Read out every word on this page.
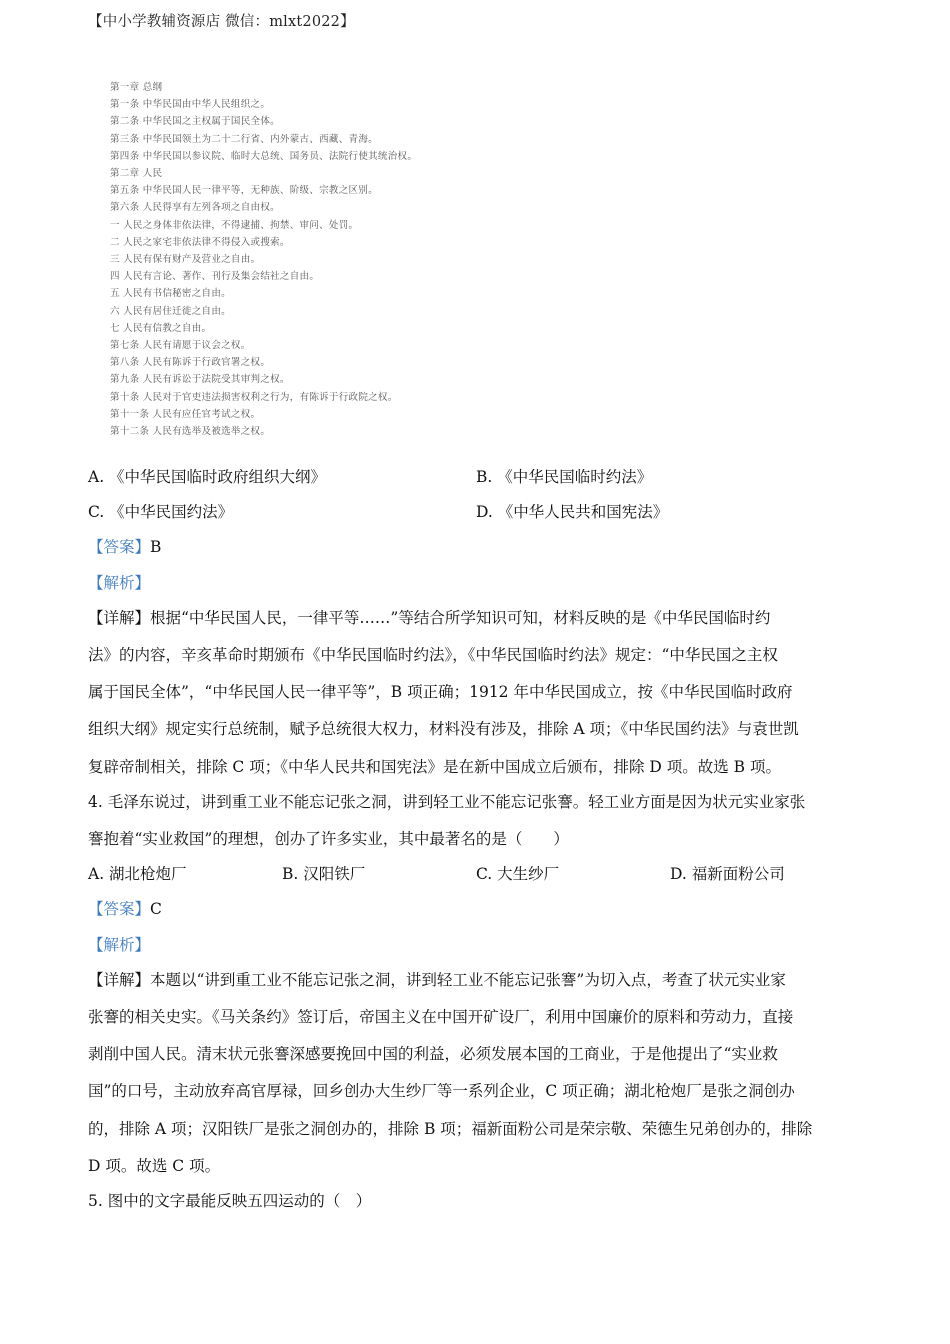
【中小学教辅资源店 微信：mlxt2022】
第一章 总纲
第一条 中华民国由中华人民组织之。
第二条 中华民国之主权属于国民全体。
第三条 中华民国领土为二十二行省、内外蒙古、西藏、青海。
第四条 中华民国以参议院、临时大总统、国务员、法院行使其统治权。
第二章 人民
第五条 中华民国人民一律平等，无种族、阶级、宗教之区别。
第六条 人民得享有左列各项之自由权。
一 人民之身体非依法律，不得逮捕、拘禁、审问、处罚。
二 人民之家宅非依法律不得侵入或搜索。
三 人民有保有财产及营业之自由。
四 人民有言论、著作、刊行及集会结社之自由。
五 人民有书信秘密之自由。
六 人民有居住迁徙之自由。
七 人民有信教之自由。
第七条 人民有请愿于议会之权。
第八条 人民有陈诉于行政官署之权。
第九条 人民有诉讼于法院受其审判之权。
第十条 人民对于官吏违法损害权利之行为，有陈诉于行政院之权。
第十一条 人民有应任官考试之权。
第十二条 人民有选举及被选举之权。
A. 《中华民国临时政府组织大纲》	B. 《中华民国临时约法》
C. 《中华民国约法》	D. 《中华人民共和国宪法》
【答案】B
【解析】
【详解】根据“中华民国人民，一律平等……”等结合所学知识可知，材料反映的是《中华民国临时约
法》的内容，辛亥革命时期颁布《中华民国临时约法》，《中华民国临时约法》规定：“中华民国之主权
属于国民全体”，“中华民国人民一律平等”，B 项正确；1912 年中华民国成立，按《中华民国临时政府
组织大纲》规定实行总统制，赋予总统很大权力，材料没有涉及，排除 A 项；《中华民国约法》与袁世凯
复辟帝制相关，排除 C 项；《中华人民共和国宪法》是在新中国成立后颁布，排除 D 项。故选 B 项。
4. 毛泽东说过，讲到重工业不能忘记张之洞，讲到轻工业不能忘记张謇。轻工业方面是因为状元实业家张
謇抱着“实业救国”的理想，创办了许多实业，其中最著名的是（　　）
A. 湖北枪炮厂	B. 汉阳铁厂	C. 大生纱厂	D. 福新面粉公司
【答案】C
【解析】
【详解】本题以“讲到重工业不能忘记张之洞，讲到轻工业不能忘记张謇”为切入点，考查了状元实业家
张謇的相关史实。《马关条约》签订后，帝国主义在中国开矿设厂，利用中国廉价的原料和劳动力，直接
剥削中国人民。清末状元张謇深感要挽回中国的利益，必须发展本国的工商业，于是他提出了“实业救
国”的口号，主动放弃高官厚禄，回乡创办大生纱厂等一系列企业，C 项正确；湖北枪炮厂是张之洞创办
的，排除 A 项；汉阳铁厂是张之洞创办的，排除 B 项；福新面粉公司是荣宗敬、荣德生兄弟创办的，排除
D 项。故选 C 项。
5. 图中的文字最能反映五四运动的（　）
